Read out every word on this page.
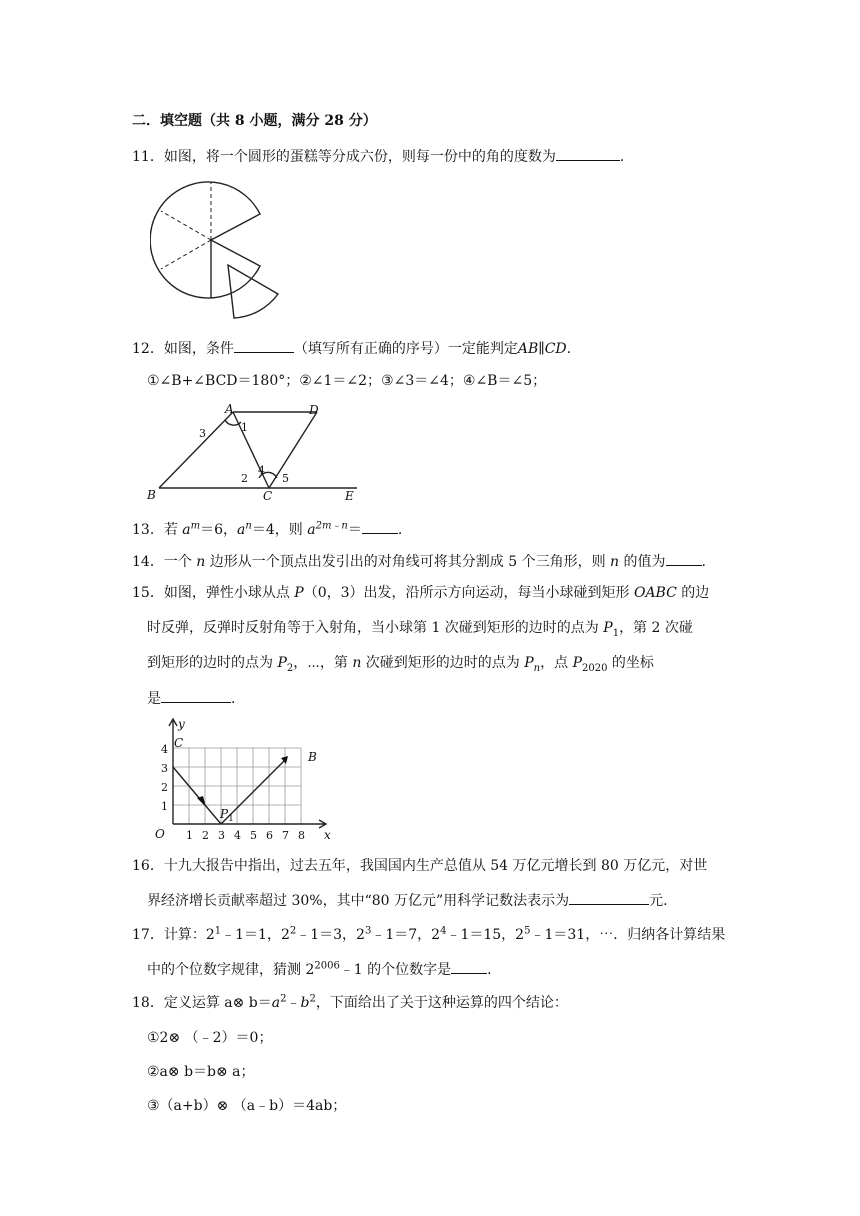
二．填空题（共 8 小题，满分 28 分）
11．如图，将一个圆形的蛋糕等分成六份，则每一份中的角的度数为	.
12．如图，条件	（填写所有正确的序号）一定能判定AB∥CD.
①∠B+∠BCD＝180°；②∠1＝∠2；③∠3＝∠4；④∠B＝∠5；
A	D
B	C	E
1
2
3
4
5
13．若 $a^m=6$，$a^n=4$，则 $a^{2m﹣n}=$	.
14．一个 n 边形从一个顶点出发引出的对角线可将其分割成 5 个三角形，则 n 的值为	.
15．如图，弹性小球从点 P（0，3）出发，沿所示方向运动，每当小球碰到矩形 OABC 的边
时反弹，反弹时反射角等于入射角，当小球第 1 次碰到矩形的边时的点为 $P_1$，第 2 次碰
到矩形的边时的点为 $P_2$，⋯，第 n 次碰到矩形的边时的点为 $P_n$，点 $P_{2020}$ 的坐标
是	.
y
x
O
C
B
$P_1$
1 2 3 4 5 6 7 8
1
2
3
4
16．十九大报告中指出，过去五年，我国国内生产总值从 54 万亿元增长到 80 万亿元，对世
界经济增长贡献率超过 30%，其中“80 万亿元”用科学记数法表示为	元.
17．计算：$2^1﹣1=1$，$2^2﹣1=3$，$2^3﹣1=7$，$2^4﹣1=15$，$2^5﹣1=31$，⋯．归纳各计算结果
中的个位数字规律，猜测 $2^{2006}﹣1$ 的个位数字是	.
18．定义运算 a⊗ $b=a^2﹣b^2$，下面给出了关于这种运算的四个结论：
①2⊗ （﹣2）＝0；
②a⊗ b＝b⊗ a；
③（a+b）⊗ （a﹣b）＝4ab；
